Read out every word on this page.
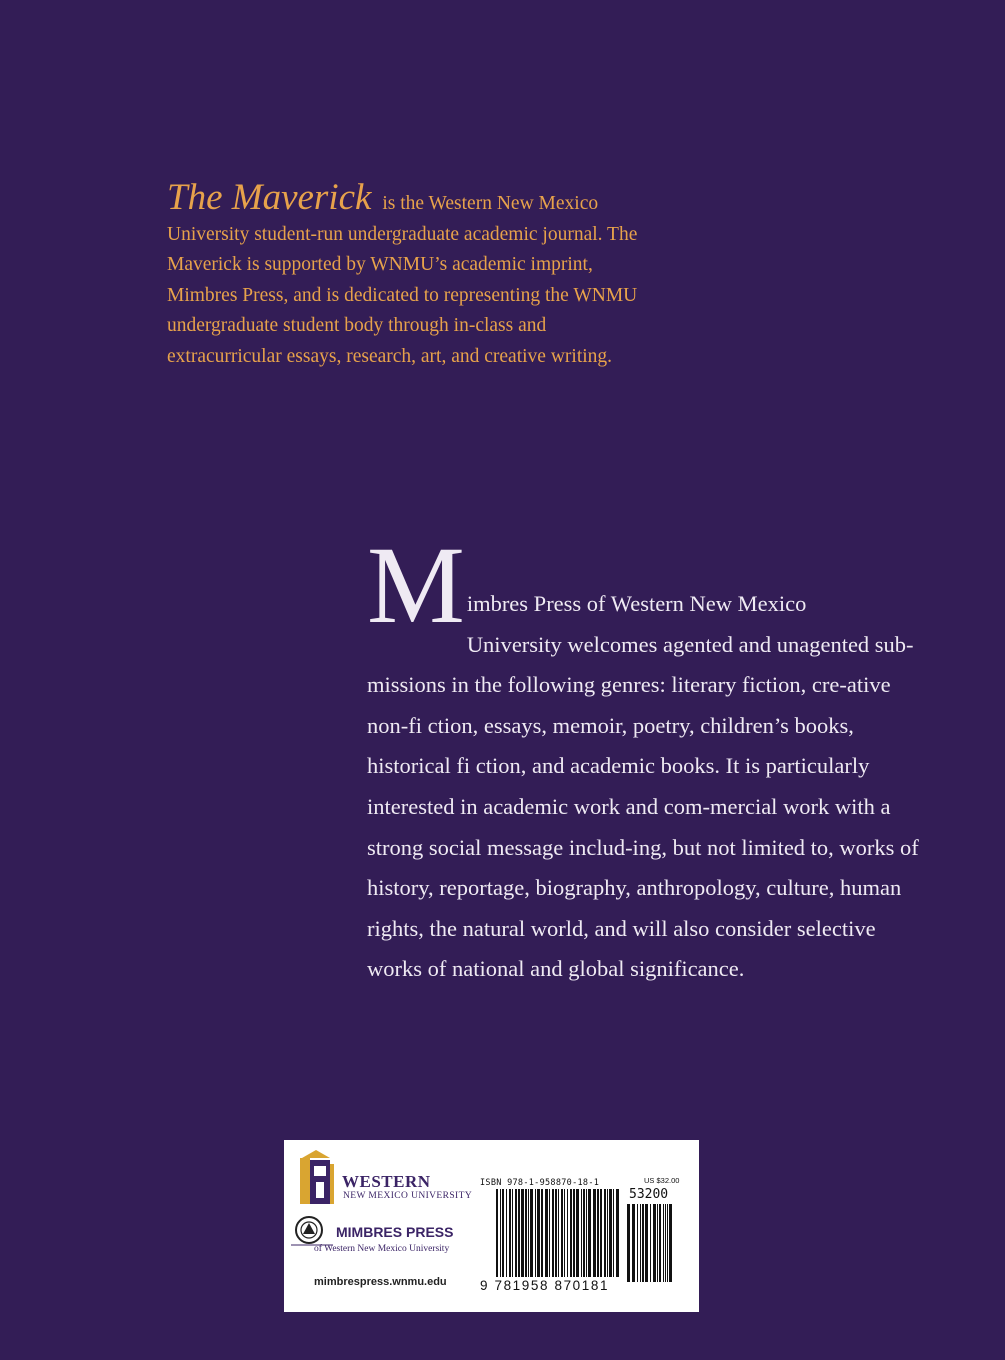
The Maverick is the Western New Mexico University student-run undergraduate academic journal. The Maverick is supported by WNMU’s academic imprint, Mimbres Press, and is dedicated to representing the WNMU undergraduate student body through in-class and extracurricular essays, research, art, and creative writing.
M imbres Press of Western New Mexico
University welcomes agented and unagented sub-missions in the following genres: literary fiction, cre-ative non-fi ction, essays, memoir, poetry, children’s books, historical fi ction, and academic books. It is particularly interested in academic work and com-mercial work with a strong social message includ-ing, but not limited to, works of history, reportage, biography, anthropology, culture, human rights, the natural world, and will also consider selective works of national and global significance.
WESTERN
NEW MEXICO UNIVERSITY
MIMBRES PRESS
of Western New Mexico University
mimbrespress.wnmu.edu
ISBN 978-1-958870-18-1	US $32.00
53200
9 781958 870181
